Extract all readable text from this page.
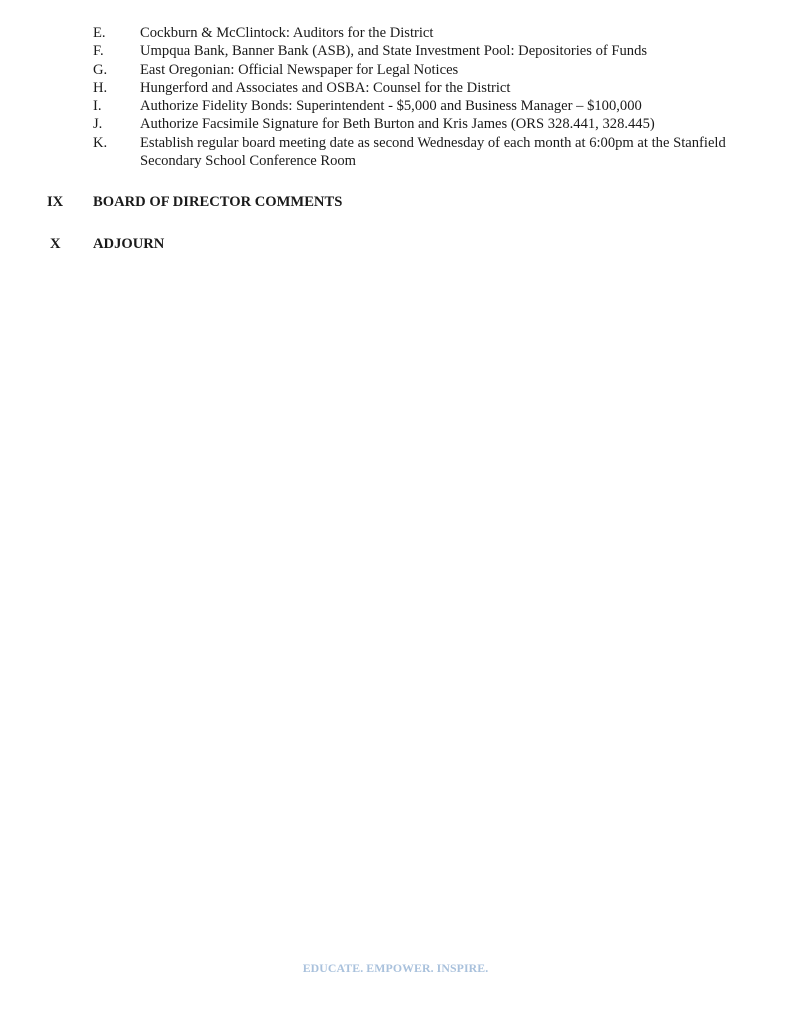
E. Cockburn & McClintock: Auditors for the District
F. Umpqua Bank, Banner Bank (ASB), and State Investment Pool: Depositories of Funds
G. East Oregonian: Official Newspaper for Legal Notices
H. Hungerford and Associates and OSBA: Counsel for the District
I.	Authorize Fidelity Bonds: Superintendent - $5,000 and Business Manager – $100,000
J.	Authorize Facsimile Signature for Beth Burton and Kris James (ORS 328.441, 328.445)
K. Establish regular board meeting date as second Wednesday of each month at 6:00pm at the Stanfield Secondary School Conference Room
IX BOARD OF DIRECTOR COMMENTS
X ADJOURN
EDUCATE. EMPOWER. INSPIRE.
